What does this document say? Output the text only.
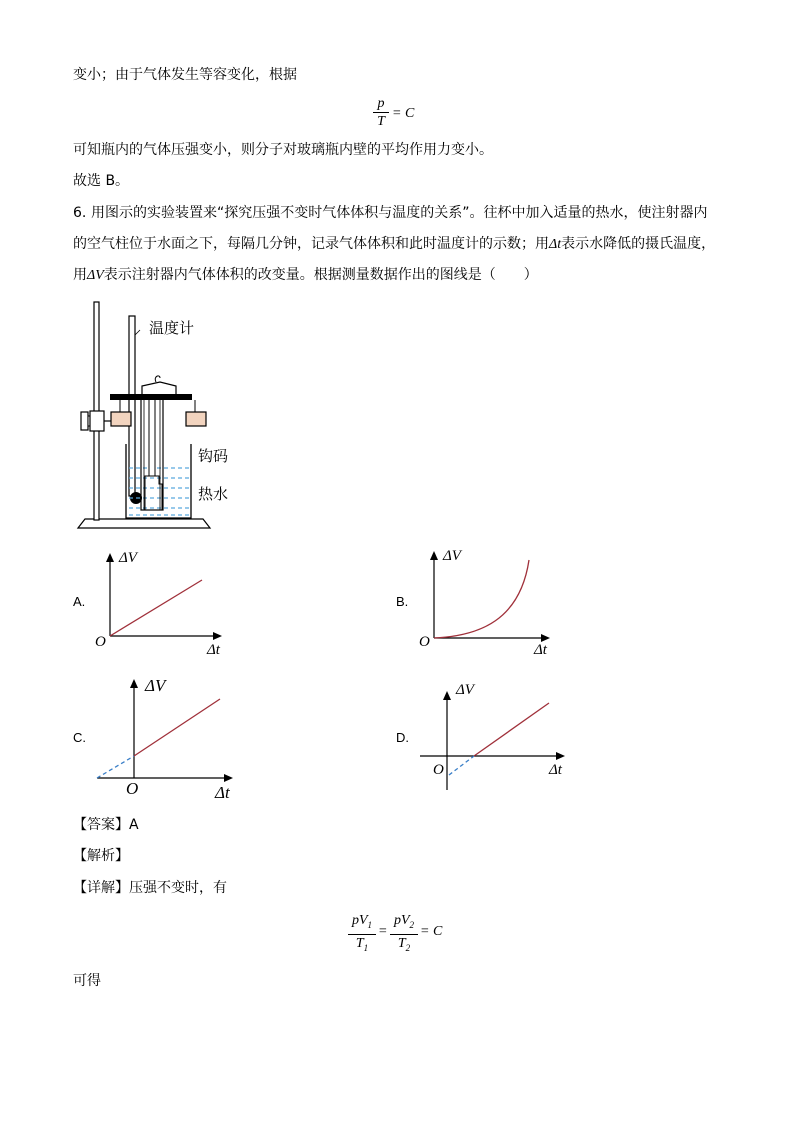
变小；由于气体发生等容变化，根据
p
T
= C
可知瓶内的气体压强变小，则分子对玻璃瓶内壁的平均作用力变小。
故选 B。
6. 用图示的实验装置来“探究压强不变时气体体积与温度的关系”。往杯中加入适量的热水，使注射器内
的空气柱位于水面之下，每隔几分钟，记录气体体积和此时温度计的示数；用Δt表示水降低的摄氏温度，
用ΔV表示注射器内气体体积的改变量。根据测量数据作出的图线是（　　）
温度计
钩码
热水
A.
ΔV
Δt
O
B.
ΔV
Δt
O
C.
ΔV
Δt
O
D.
ΔV
Δt
O
【答案】A
【解析】
【详解】压强不变时，有
$pV_1$
$T_1$
=
$pV_2$
$T_2$
= C
可得
